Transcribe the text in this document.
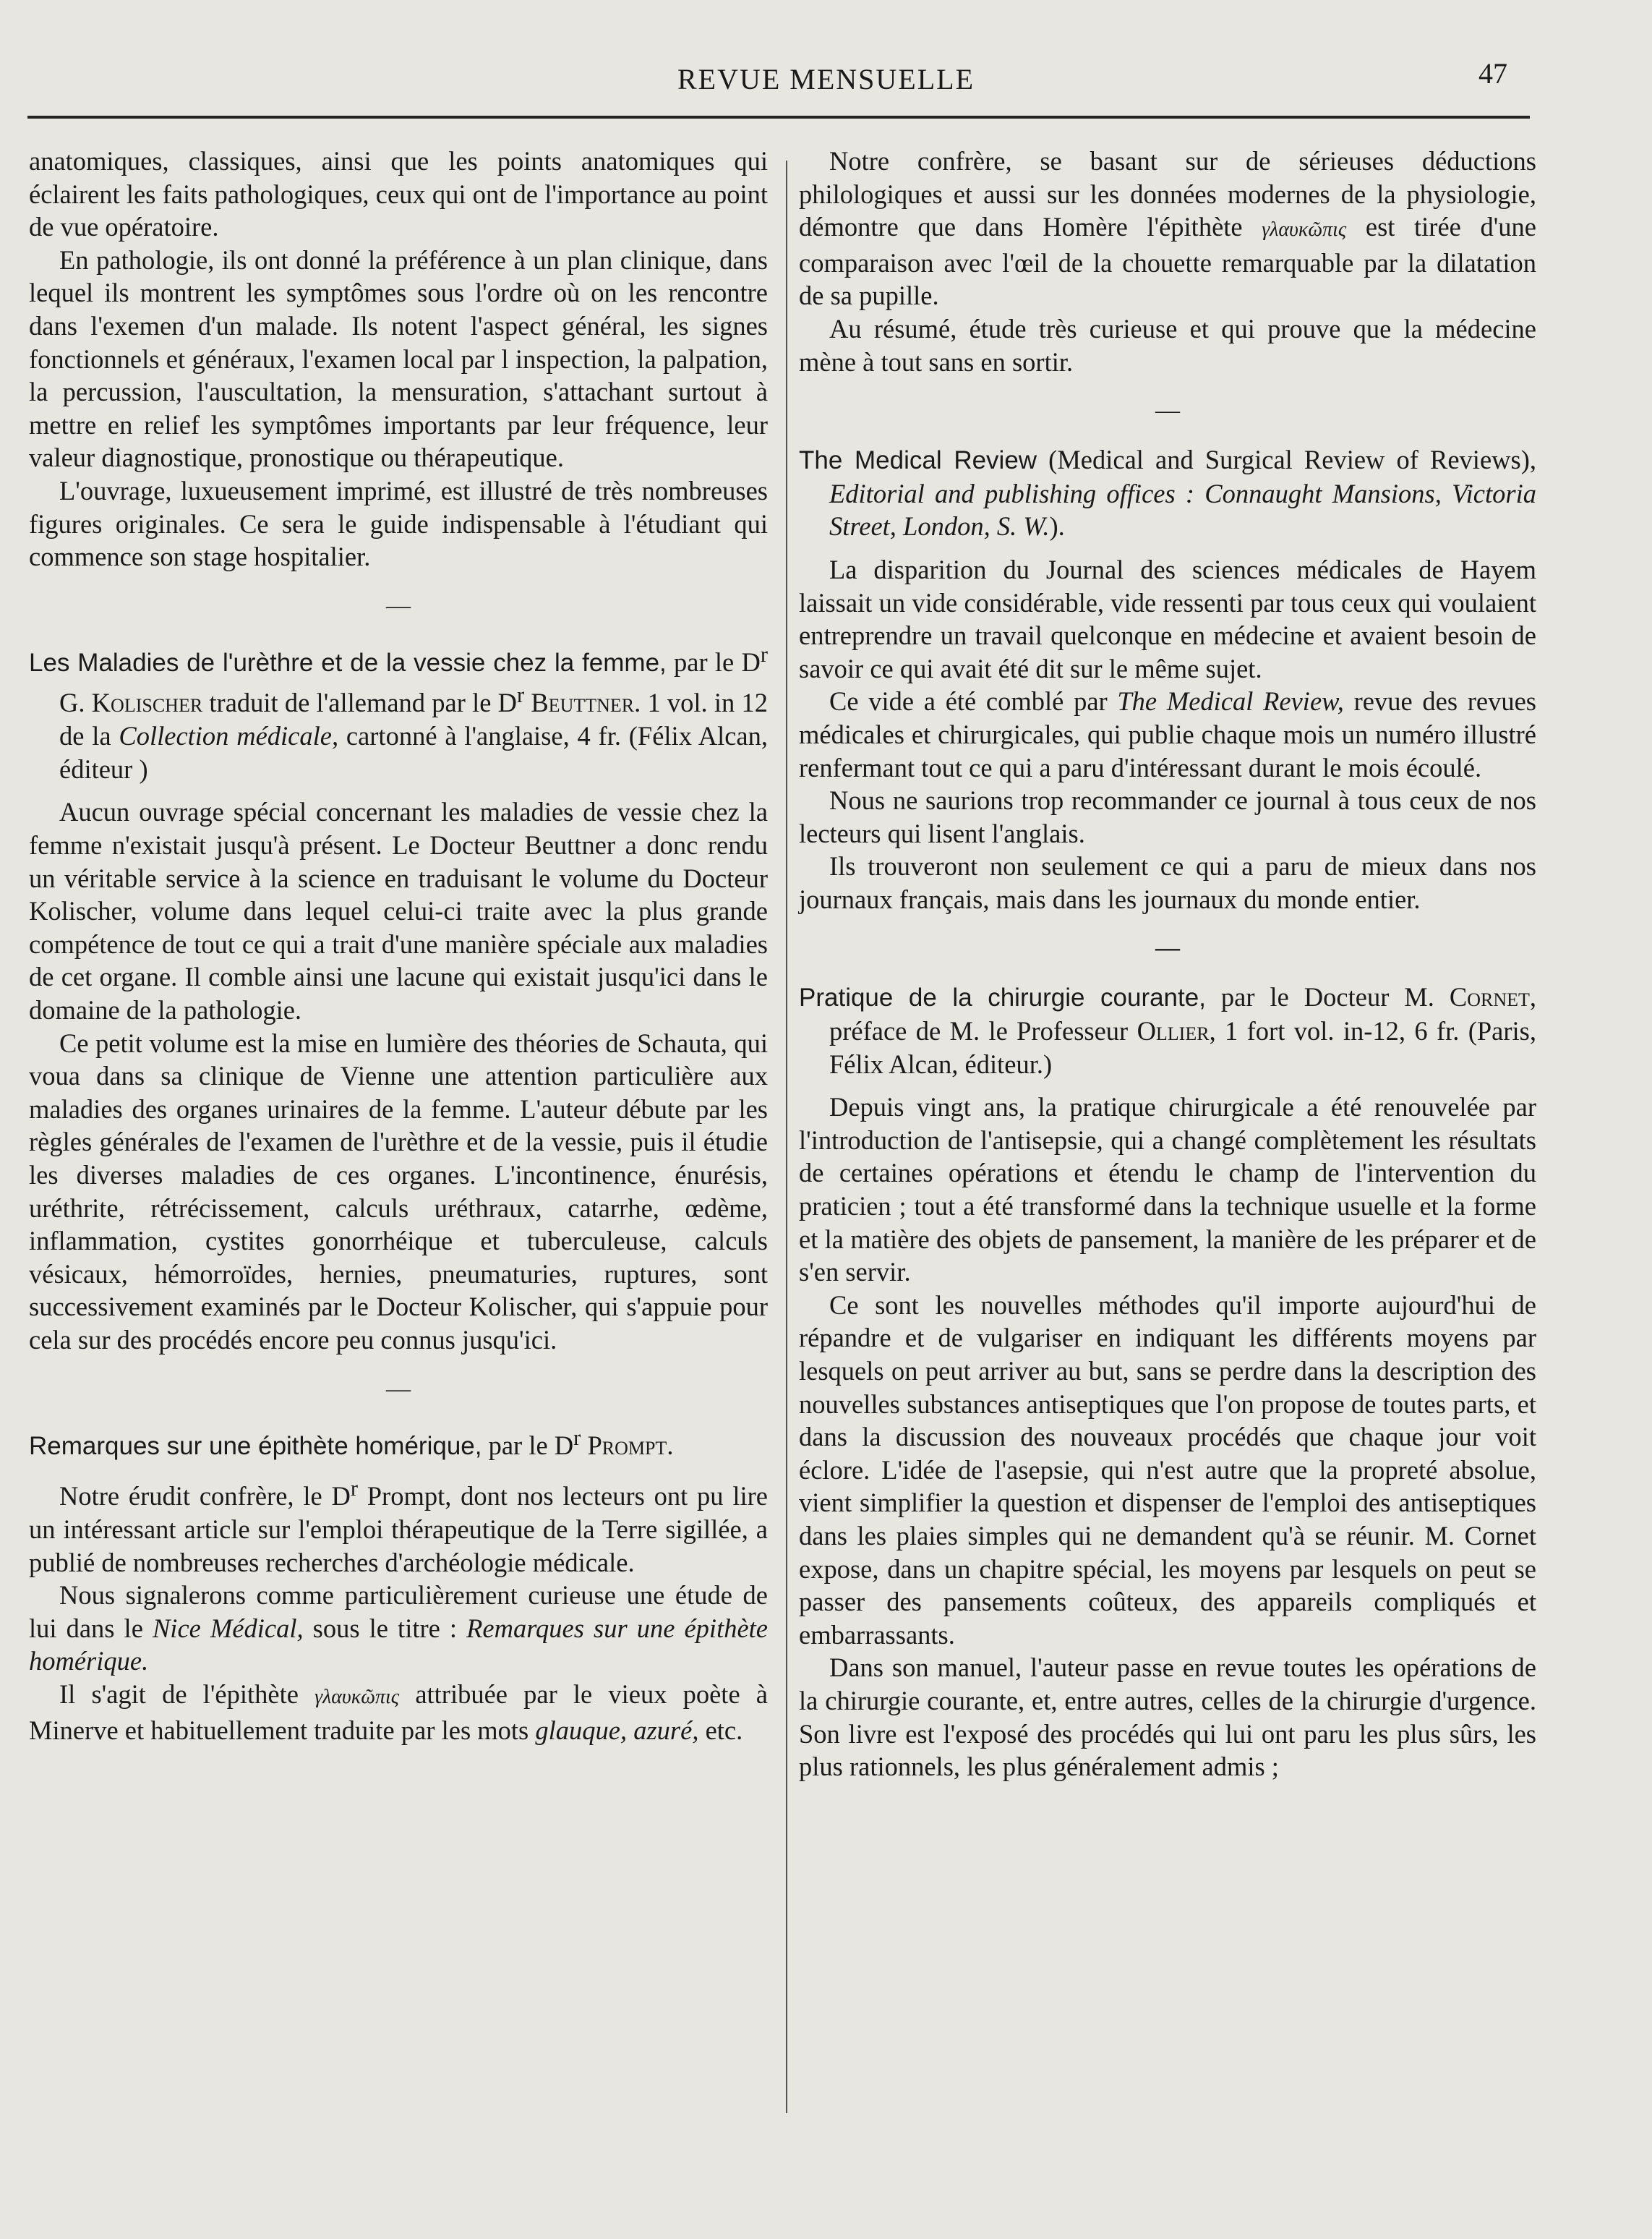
REVUE MENSUELLE	47

anatomiques, classiques, ainsi que les points anatomiques qui éclairent les faits pathologiques, ceux qui ont de l'importance au point de vue opératoire.

En pathologie, ils ont donné la préférence à un plan clinique, dans lequel ils montrent les symptômes sous l'ordre où on les rencontre dans l'exemen d'un malade. Ils notent l'aspect général, les signes fonctionnels et généraux, l'examen local par l inspection, la palpation, la percussion, l'auscultation, la mensuration, s'attachant surtout à mettre en relief les symptômes importants par leur fréquence, leur valeur diagnostique, pronostique ou thérapeutique.

L'ouvrage, luxueusement imprimé, est illustré de très nombreuses figures originales. Ce sera le guide indispensable à l'étudiant qui commence son stage hospitalier.

—
Les Maladies de l'urèthre et de la vessie chez la femme, par le $D^r$ G. Kolischer traduit de l'allemand par le $D^r$ Beuttner. 1 vol. in 12 de la Collection médicale, cartonné à l'anglaise, 4 fr. (Félix Alcan, éditeur )

Aucun ouvrage spécial concernant les maladies de vessie chez la femme n'existait jusqu'à présent. Le Docteur Beuttner a donc rendu un véritable service à la science en traduisant le volume du Docteur Kolischer, volume dans lequel celui-ci traite avec la plus grande compétence de tout ce qui a trait d'une manière spéciale aux maladies de cet organe. Il comble ainsi une lacune qui existait jusqu'ici dans le domaine de la pathologie.

Ce petit volume est la mise en lumière des théories de Schauta, qui voua dans sa clinique de Vienne une attention particulière aux maladies des organes urinaires de la femme. L'auteur débute par les règles générales de l'examen de l'urèthre et de la vessie, puis il étudie les diverses maladies de ces organes. L'incontinence, énurésis, uréthrite, rétrécissement, calculs uréthraux, catarrhe, œdème, inflammation, cystites gonorrhéique et tuberculeuse, calculs vésicaux, hémorroïdes, hernies, pneumaturies, ruptures, sont successivement examinés par le Docteur Kolischer, qui s'appuie pour cela sur des procédés encore peu connus jusqu'ici.

—
Remarques sur une épithète homérique, par le $D^r$ Prompt.

Notre érudit confrère, le $D^r$ Prompt, dont nos lecteurs ont pu lire un intéressant article sur l'emploi thérapeutique de la Terre sigillée, a publié de nombreuses recherches d'archéologie médicale.

Nous signalerons comme particulièrement curieuse une étude de lui dans le Nice Médical, sous le titre : Remarques sur une épithète homérique.

Il s'agit de l'épithète γλαυκῶπις attribuée par le vieux poète à Minerve et habituellement traduite par les mots glauque, azuré, etc.

Notre confrère, se basant sur de sérieuses déductions philologiques et aussi sur les données modernes de la physiologie, démontre que dans Homère l'épithète γλαυκῶπις est tirée d'une comparaison avec l'œil de la chouette remarquable par la dilatation de sa pupille.

Au résumé, étude très curieuse et qui prouve que la médecine mène à tout sans en sortir.

—
The Medical Review (Medical and Surgical Review of Reviews), Editorial and publishing offices : Connaught Mansions, Victoria Street, London, S. W.).

La disparition du Journal des sciences médicales de Hayem laissait un vide considérable, vide ressenti par tous ceux qui voulaient entreprendre un travail quelconque en médecine et avaient besoin de savoir ce qui avait été dit sur le même sujet.

Ce vide a été comblé par The Medical Review, revue des revues médicales et chirurgicales, qui publie chaque mois un numéro illustré renfermant tout ce qui a paru d'intéressant durant le mois écoulé.

Nous ne saurions trop recommander ce journal à tous ceux de nos lecteurs qui lisent l'anglais.

Ils trouveront non seulement ce qui a paru de mieux dans nos journaux français, mais dans les journaux du monde entier.

—
Pratique de la chirurgie courante, par le Docteur M. Cornet, préface de M. le Professeur Ollier, 1 fort vol. in-12, 6 fr. (Paris, Félix Alcan, éditeur.)

Depuis vingt ans, la pratique chirurgicale a été renouvelée par l'introduction de l'antisepsie, qui a changé complètement les résultats de certaines opérations et étendu le champ de l'intervention du praticien ; tout a été transformé dans la technique usuelle et la forme et la matière des objets de pansement, la manière de les préparer et de s'en servir.

Ce sont les nouvelles méthodes qu'il importe aujourd'hui de répandre et de vulgariser en indiquant les différents moyens par lesquels on peut arriver au but, sans se perdre dans la description des nouvelles substances antiseptiques que l'on propose de toutes parts, et dans la discussion des nouveaux procédés que chaque jour voit éclore. L'idée de l'asepsie, qui n'est autre que la propreté absolue, vient simplifier la question et dispenser de l'emploi des antiseptiques dans les plaies simples qui ne demandent qu'à se réunir. M. Cornet expose, dans un chapitre spécial, les moyens par lesquels on peut se passer des pansements coûteux, des appareils compliqués et embarrassants.

Dans son manuel, l'auteur passe en revue toutes les opérations de la chirurgie courante, et, entre autres, celles de la chirurgie d'urgence. Son livre est l'exposé des procédés qui lui ont paru les plus sûrs, les plus rationnels, les plus généralement admis ;
